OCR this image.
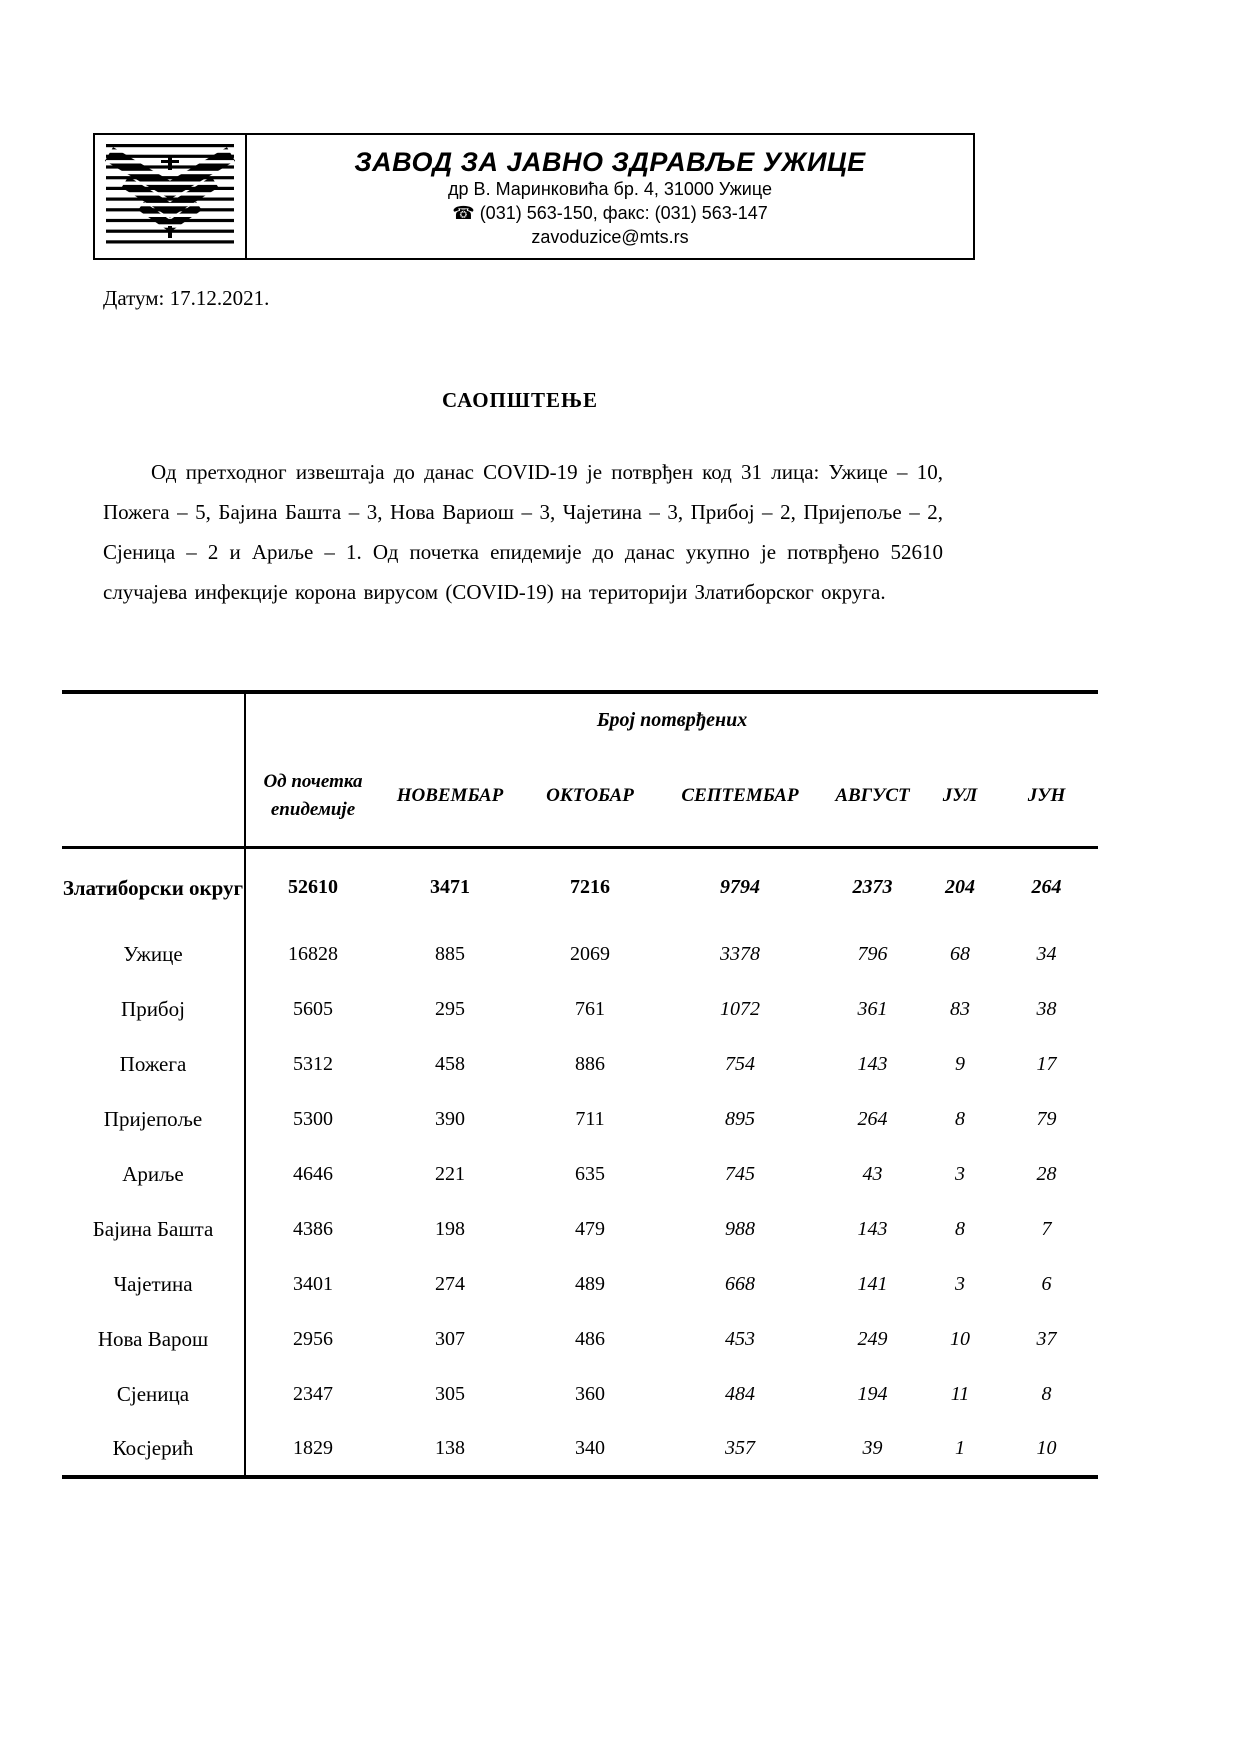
ЗАВОД ЗА ЈАВНО ЗДРАВЉЕ УЖИЦЕ
др В. Маринковића бр. 4, 31000 Ужице
☎ (031) 563-150, факс: (031) 563-147
zavoduzice@mts.rs
Датум: 17.12.2021.
САОПШТЕЊЕ
Од претходног извештаја до данас COVID-19 је потврђен код 31 лица: Ужице – 10, Пожега – 5, Бајина Башта – 3, Нова Вариош – 3, Чајетина – 3, Прибој – 2, Пријепоље – 2, Сјеница – 2 и Ариље – 1. Од почетка епидемије до данас укупно је потврђено 52610 случајева инфекције корона вирусом (COVID-19) на територији Златиборског округа.
	Број потврђених						
	Од почетка епидемије	НОВЕМБАР	ОКТОБАР	СЕПТЕМБАР	АВГУСТ	ЈУЛ	ЈУН
Златиборски округ	52610	3471	7216	9794	2373	204	264
Ужице	16828	885	2069	3378	796	68	34
Прибој	5605	295	761	1072	361	83	38
Пожега	5312	458	886	754	143	9	17
Пријепоље	5300	390	711	895	264	8	79
Ариље	4646	221	635	745	43	3	28
Бајина Башта	4386	198	479	988	143	8	7
Чајетина	3401	274	489	668	141	3	6
Нова Варош	2956	307	486	453	249	10	37
Сјеница	2347	305	360	484	194	11	8
Косјерић	1829	138	340	357	39	1	10
